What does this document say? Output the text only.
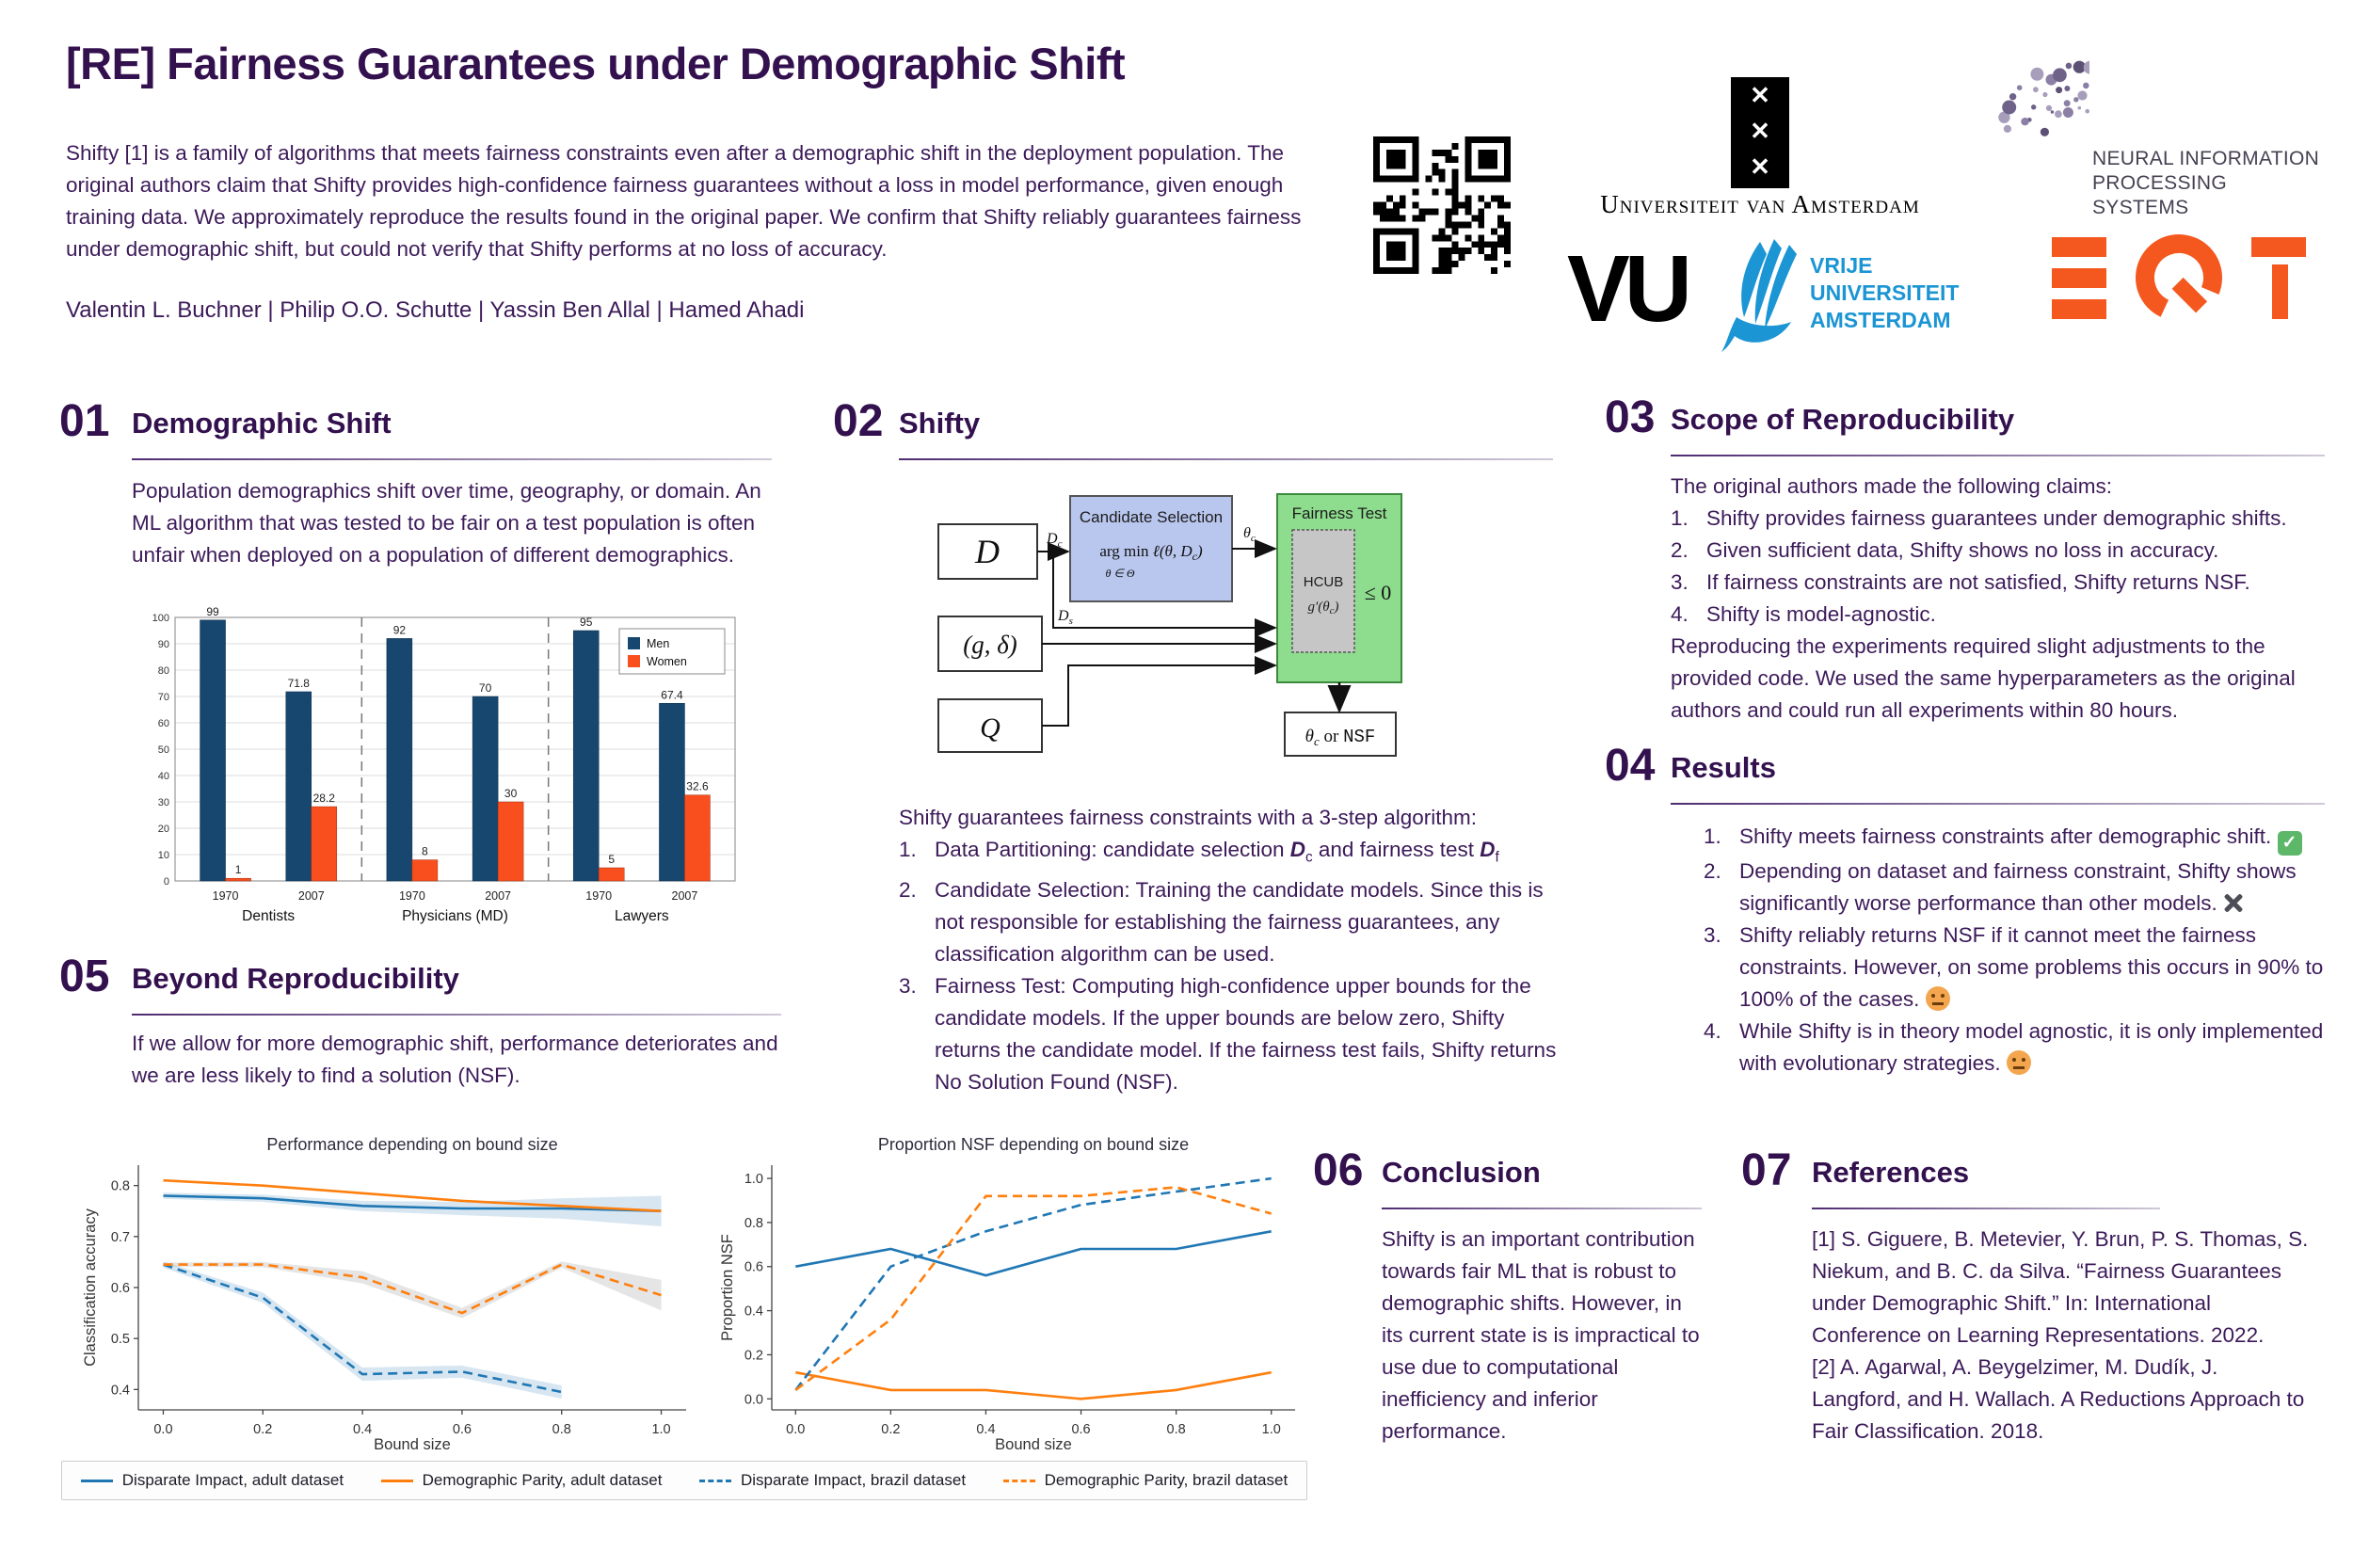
[RE] Fairness Guarantees under Demographic Shift
Shifty [1] is a family of algorithms that meets fairness constraints even after a demographic shift in the deployment population. The original authors claim that Shifty provides high-confidence fairness guarantees without a loss in model performance, given enough training data. We approximately reproduce the results found in the original paper. We confirm that Shifty reliably guarantees fairness under demographic shift, but could not verify that Shifty performs at no loss of accuracy.
Valentin L. Buchner | Philip O.O. Schutte | Yassin Ben Allal | Hamed Ahadi
✕
✕
✕
Universiteit van Amsterdam
NEURAL INFORMATION
PROCESSING SYSTEMS
VU	VRIJE
UNIVERSITEIT
AMSTERDAM
01 Demographic Shift
Population demographics shift over time, geography, or domain. An ML algorithm that was tested to be fair on a test population is often unfair when deployed on a population of different demographics.
0
10
20
30
40
50
60
70
80
90
100
99
1
1970
71.8
28.2
2007
92
8
1970
70
30
2007
95
5
1970
67.4
32.6
2007
Dentists	Physicians (MD)	Lawyers
Men
Women
02 Shifty
D
(g, δ)
Q
Candidate Selection
arg min ℓ(θ, $D_c$)
θ ∈ Θ
Fairness Test
HCUB
$g'(\theta_c)$
≤ 0
$\theta_c$ or NSF
$D_c$
$D_s$
$\theta_c$
Shifty guarantees fairness constraints with a 3-step algorithm:
1. Data Partitioning: candidate selection $D_c$ and fairness test $D_f$
2. Candidate Selection: Training the candidate models. Since this is not responsible for establishing the fairness guarantees, any classification algorithm can be used.
3. Fairness Test: Computing high-confidence upper bounds for the candidate models. If the upper bounds are below zero, Shifty returns the candidate model. If the fairness test fails, Shifty returns No Solution Found (NSF).
03 Scope of Reproducibility
The original authors made the following claims:
1. Shifty provides fairness guarantees under demographic shifts.
2. Given sufficient data, Shifty shows no loss in accuracy.
3. If fairness constraints are not satisfied, Shifty returns NSF.
4. Shifty is model-agnostic.
Reproducing the experiments required slight adjustments to the provided code. We used the same hyperparameters as the original authors and could run all experiments within 80 hours.
04 Results
1. Shifty meets fairness constraints after demographic shift. ✓
2. Depending on dataset and fairness constraint, Shifty shows significantly worse performance than other models.
3. Shifty reliably returns NSF if it cannot meet the fairness constraints. However, on some problems this occurs in 90% to 100% of the cases.
4. While Shifty is in theory model agnostic, it is only implemented with evolutionary strategies.
05 Beyond Reproducibility
If we allow for more demographic shift, performance deteriorates and we are less likely to find a solution (NSF).
0.4
0.5
0.6
0.7
0.8
0.0	0.2	0.4	0.6	0.8	1.0
Performance depending on bound size
Bound size
Classification accuracy
0.0
0.2
0.4
0.6
0.8
1.0
0.0	0.2	0.4	0.6	0.8	1.0
Proportion NSF depending on bound size
Bound size
Proportion NSF
Disparate Impact, adult dataset	Demographic Parity, adult dataset	Disparate Impact, brazil dataset	Demographic Parity, brazil dataset
06 Conclusion
Shifty is an important contribution towards fair ML that is robust to demographic shifts. However, in its current state is is impractical to use due to computational inefficiency and inferior performance.
07 References
[1] S. Giguere, B. Metevier, Y. Brun, P. S. Thomas, S. Niekum, and B. C. da Silva. “Fairness Guarantees under Demographic Shift.” In: International Conference on Learning Representations. 2022.
[2] A. Agarwal, A. Beygelzimer, M. Dudík, J. Langford, and H. Wallach. A Reductions Approach to Fair Classification. 2018.
